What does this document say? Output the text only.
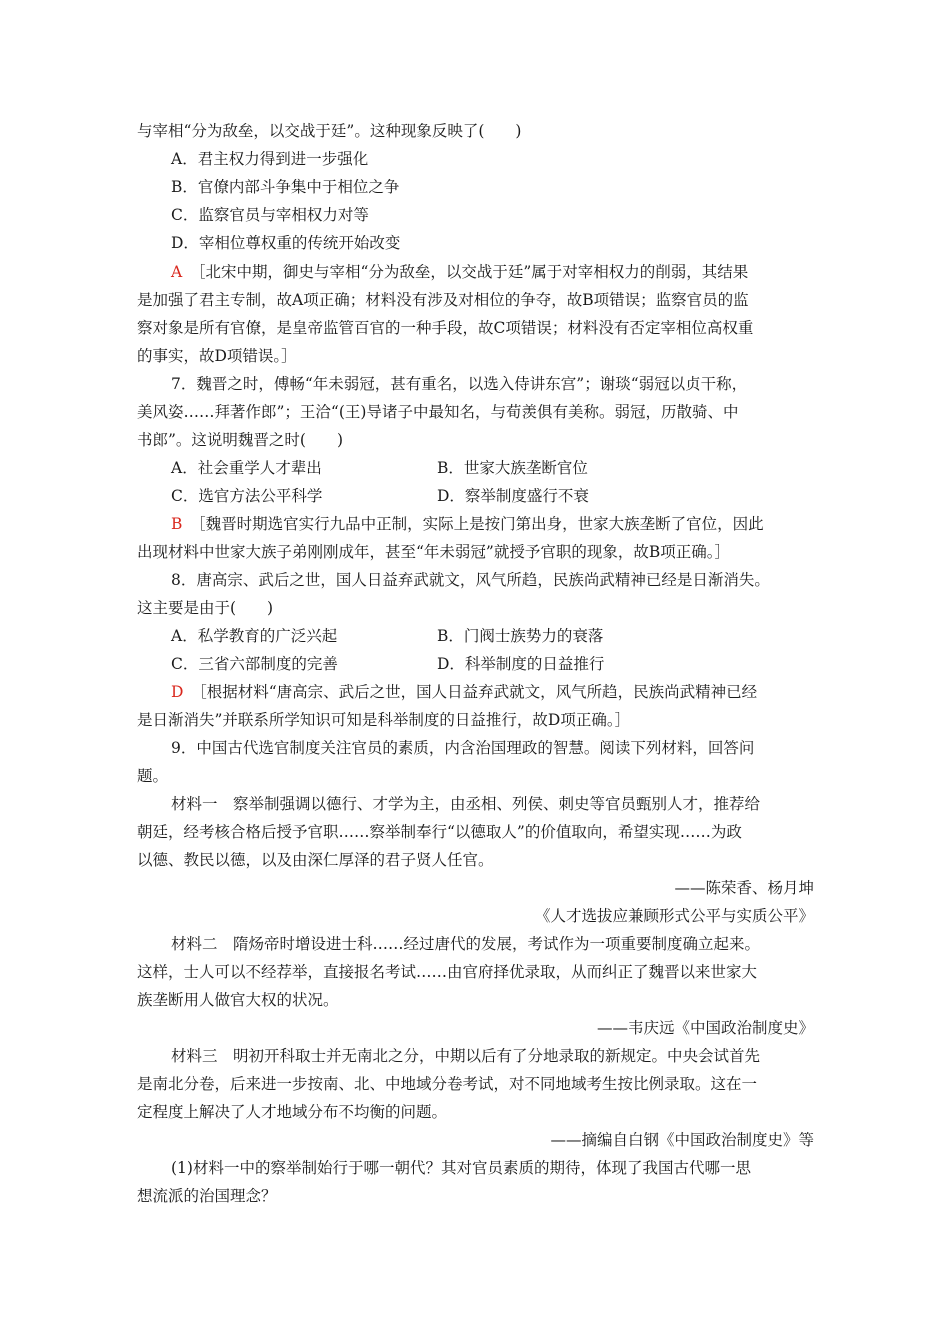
与宰相“分为敌垒，以交战于廷”。这种现象反映了(　　)
A．君主权力得到进一步强化
B．官僚内部斗争集中于相位之争
C．监察官员与宰相权力对等
D．宰相位尊权重的传统开始改变
A  ［北宋中期，御史与宰相“分为敌垒，以交战于廷”属于对宰相权力的削弱，其结果
是加强了君主专制，故A项正确；材料没有涉及对相位的争夺，故B项错误；监察官员的监
察对象是所有官僚，是皇帝监管百官的一种手段，故C项错误；材料没有否定宰相位高权重
的事实，故D项错误。］
7．魏晋之时，傅畅“年未弱冠，甚有重名，以选入侍讲东宫”；谢琰“弱冠以贞干称，
美风姿……拜著作郎”；王洽“(王)导诸子中最知名，与荀羡俱有美称。弱冠，历散骑、中
书郎”。这说明魏晋之时(　　)
A．社会重学人才辈出	B．世家大族垄断官位
C．选官方法公平科学	D．察举制度盛行不衰
B  ［魏晋时期选官实行九品中正制，实际上是按门第出身，世家大族垄断了官位，因此
出现材料中世家大族子弟刚刚成年，甚至“年未弱冠”就授予官职的现象，故B项正确。］
8．唐高宗、武后之世，国人日益弃武就文，风气所趋，民族尚武精神已经是日渐消失。
这主要是由于(　　)
A．私学教育的广泛兴起	B．门阀士族势力的衰落
C．三省六部制度的完善	D．科举制度的日益推行
D  ［根据材料“唐高宗、武后之世，国人日益弃武就文，风气所趋，民族尚武精神已经
是日渐消失”并联系所学知识可知是科举制度的日益推行，故D项正确。］
9．中国古代选官制度关注官员的素质，内含治国理政的智慧。阅读下列材料，回答问
题。
材料一　察举制强调以德行、才学为主，由丞相、列侯、刺史等官员甄别人才，推荐给
朝廷，经考核合格后授予官职……察举制奉行“以德取人”的价值取向，希望实现……为政
以德、教民以德，以及由深仁厚泽的君子贤人任官。
——陈荣香、杨月坤
《人才选拔应兼顾形式公平与实质公平》
材料二　隋炀帝时增设进士科……经过唐代的发展，考试作为一项重要制度确立起来。
这样，士人可以不经荐举，直接报名考试……由官府择优录取，从而纠正了魏晋以来世家大
族垄断用人做官大权的状况。
——韦庆远《中国政治制度史》
材料三　明初开科取士并无南北之分，中期以后有了分地录取的新规定。中央会试首先
是南北分卷，后来进一步按南、北、中地域分卷考试，对不同地域考生按比例录取。这在一
定程度上解决了人才地域分布不均衡的问题。
——摘编自白钢《中国政治制度史》等
(1)材料一中的察举制始行于哪一朝代？其对官员素质的期待，体现了我国古代哪一思
想流派的治国理念？
